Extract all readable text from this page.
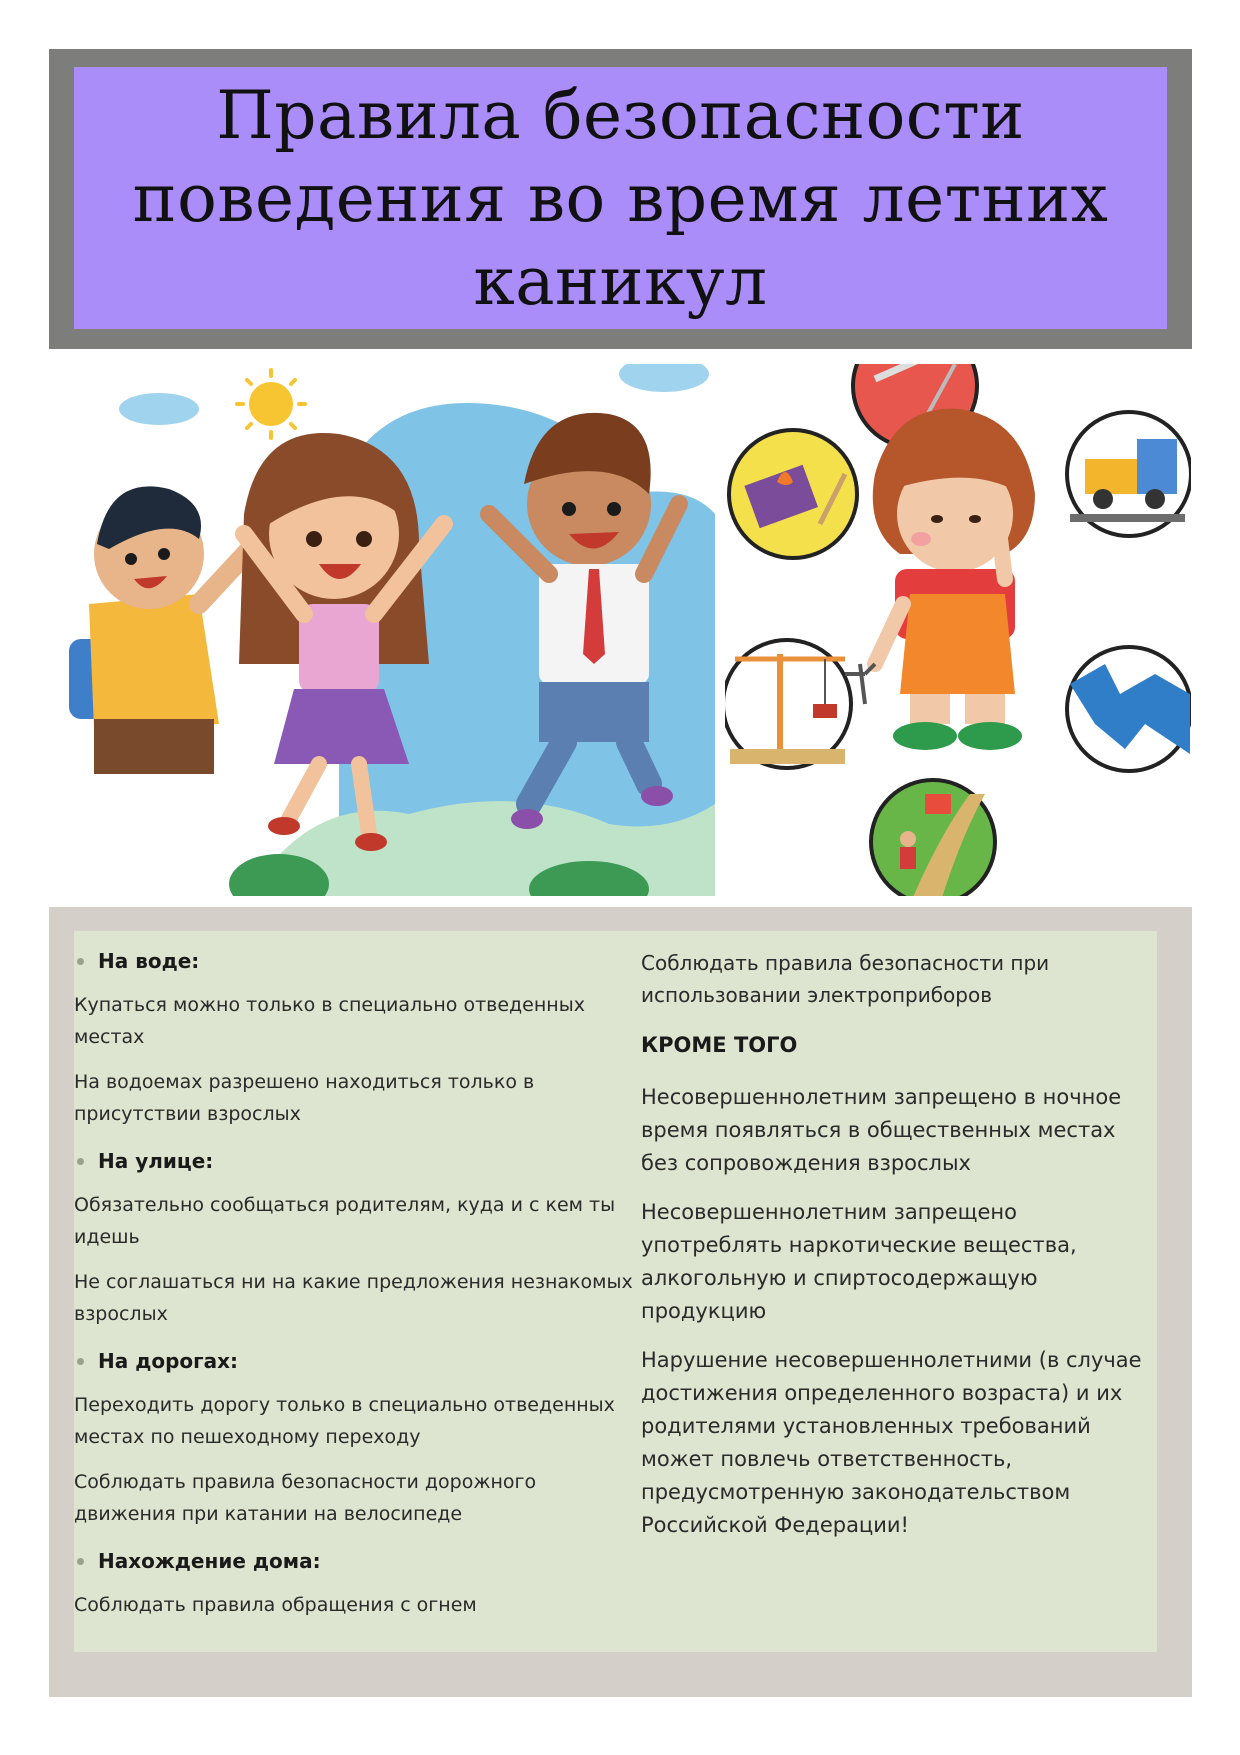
Правила безопасности
поведения во время летних
каникул
На воде:

Купаться можно только в специально отведенных местах

На водоемах разрешено находиться только в присутствии взрослых

На улице:

Обязательно сообщаться родителям, куда и с кем ты идешь

Не соглашаться ни на какие предложения незнакомых взрослых

На дорогах:

Переходить дорогу только в специально отведенных местах по пешеходному переходу

Соблюдать правила безопасности дорожного движения при катании на велосипеде

Нахождение дома:

Соблюдать правила обращения с огнем

Соблюдать правила безопасности при использовании электроприборов

КРОМЕ ТОГО

Несовершеннолетним запрещено в ночное время появляться в общественных местах без сопровождения взрослых

Несовершеннолетним запрещено употреблять наркотические вещества, алкогольную и спиртосодержащую продукцию

Нарушение несовершеннолетними (в случае достижения определенного возраста) и их родителями установленных требований может повлечь ответственность, предусмотренную законодательством Российской Федерации!
